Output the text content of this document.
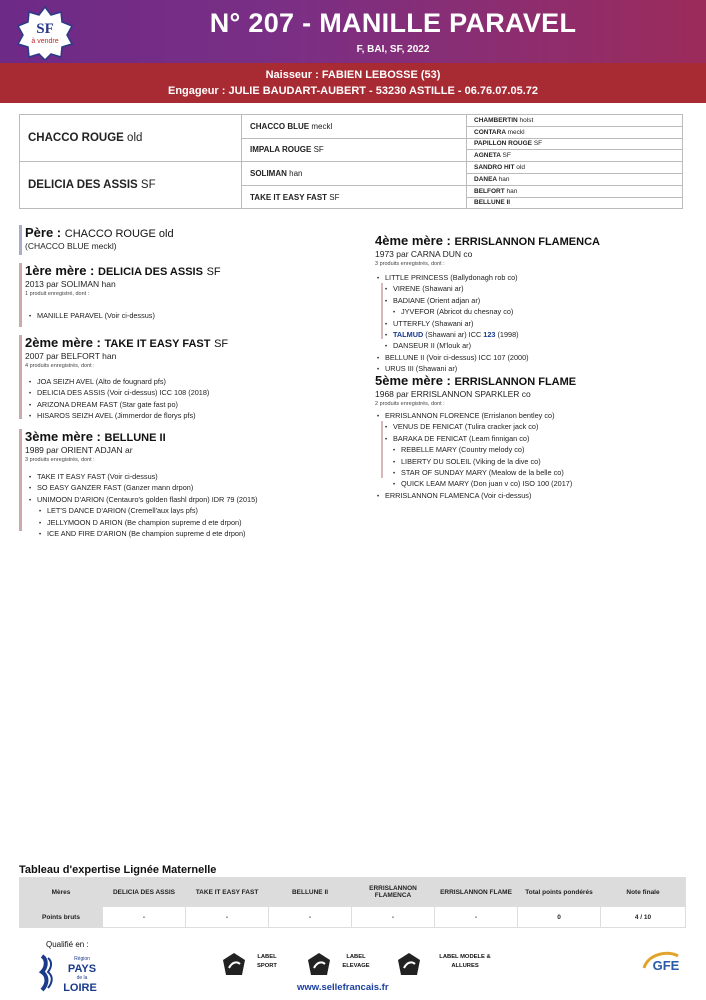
SF
à vendre
N° 207 - MANILLE PARAVEL
F, BAI, SF, 2022
Naisseur : FABIEN LEBOSSE (53)
Engageur : JULIE BAUDART-AUBERT - 53230 ASTILLE - 06.76.07.05.72
CHACCO ROUGE old	CHACCO BLUE meckl	CHAMBERTIN holst
		CONTARA meckl
	IMPALA ROUGE SF	PAPILLON ROUGE SF
		AGNETA SF
DELICIA DES ASSIS SF	SOLIMAN han	SANDRO HIT old
		DANEA han
	TAKE IT EASY FAST SF	BELFORT han
		BELLUNE II
Père : CHACCO ROUGE old
(CHACCO BLUE meckl)
1ère mère : DELICIA DES ASSIS SF
2013 par SOLIMAN han
1 produit enregistré, dont :
• MANILLE PARAVEL (Voir ci-dessus)
2ème mère : TAKE IT EASY FAST SF
2007 par BELFORT han
4 produits enregistrés, dont :
• JOA SEIZH AVEL (Alto de fougnard pfs)
• DELICIA DES ASSIS (Voir ci-dessus) ICC 108 (2018)
• ARIZONA DREAM FAST (Star gate fast po)
• HISAROS SEIZH AVEL (Jimmerdor de florys pfs)
3ème mère : BELLUNE II
1989 par ORIENT ADJAN ar
3 produits enregistrés, dont :
• TAKE IT EASY FAST (Voir ci-dessus)
• SO EASY GANZER FAST (Ganzer mann drpon)
• UNIMOON D'ARION (Centauro's golden flashl drpon) IDR 79 (2015)
• LET'S DANCE D'ARION (Cremell'aux lays pfs)
• JELLYMOON D ARION (Be champion supreme d ete drpon)
• ICE AND FIRE D'ARION (Be champion supreme d ete drpon)
4ème mère : ERRISLANNON FLAMENCA
1973 par CARNA DUN co
3 produits enregistrés, dont :
• LITTLE PRINCESS (Ballydonagh rob co)
• VIRENE (Shawani ar)
• BADIANE (Orient adjan ar)
• JYVEFOR (Abricot du chesnay co)
• UTTERFLY (Shawani ar)
• TALMUD (Shawani ar) ICC 123 (1998)
• DANSEUR II (M'louk ar)
• BELLUNE II (Voir ci-dessus) ICC 107 (2000)
• URUS III (Shawani ar)
5ème mère : ERRISLANNON FLAME
1968 par ERRISLANNON SPARKLER co
2 produits enregistrés, dont :
• ERRISLANNON FLORENCE (Errislanon bentley co)
• VENUS DE FENICAT (Tulira cracker jack co)
• BARAKA DE FENICAT (Leam finnigan co)
• REBELLE MARY (Country melody co)
• LIBERTY DU SOLEIL (Viking de la dive co)
• STAR OF SUNDAY MARY (Mealow de la belle co)
• QUICK LEAM MARY (Don juan v co) ISO 100 (2017)
• ERRISLANNON FLAMENCA (Voir ci-dessus)
Tableau d'expertise Lignée Maternelle
Mères	DELICIA DES ASSIS	TAKE IT EASY FAST	BELLUNE II	ERRISLANNON FLAMENCA	ERRISLANNON FLAME	Total points pondérés	Note finale
Points bruts	-	-	-	-	-	0	4 / 10
Qualifié en :
Région
PAYS
de la
LOIRE
LABEL
SPORT
LABEL
ELEVAGE
LABEL MODELE &
ALLURES
www.sellefrancais.fr
GFE
